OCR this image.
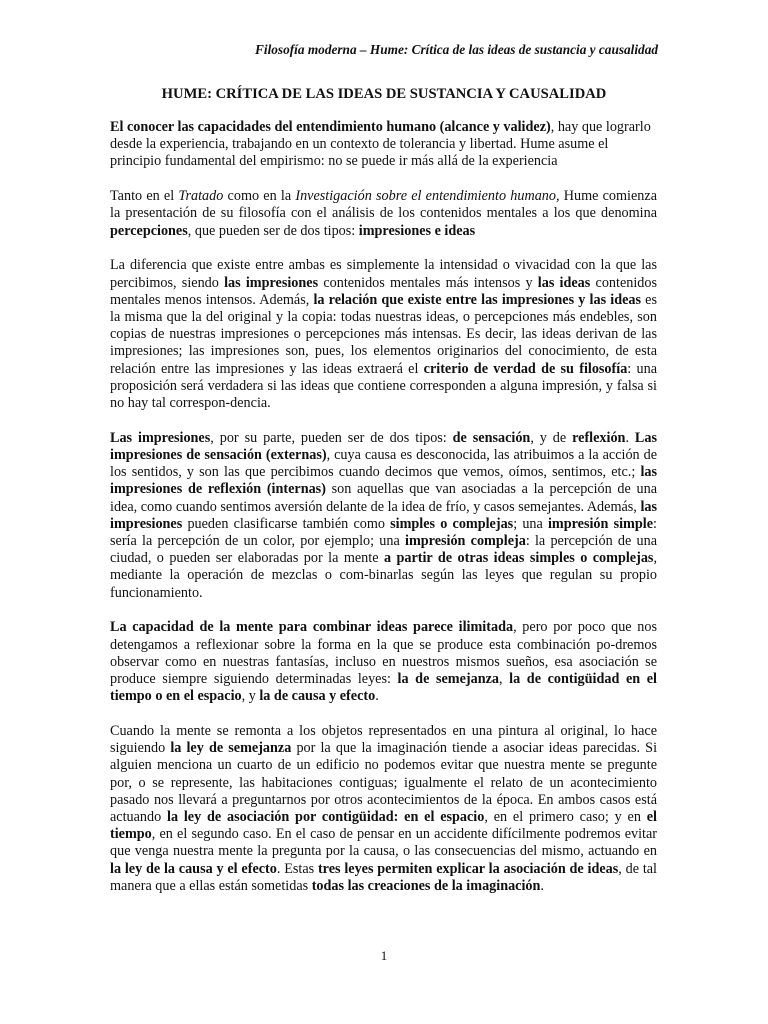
Filosofía moderna – Hume: Crítica de las ideas de sustancia y causalidad
HUME: CRÍTICA DE LAS IDEAS DE SUSTANCIA Y CAUSALIDAD

El conocer las capacidades del entendimiento humano (alcance y validez), hay que lograrlo desde la experiencia, trabajando en un contexto de tolerancia y libertad. Hume asume el principio fundamental del empirismo: no se puede ir más allá de la experiencia

Tanto en el Tratado como en la Investigación sobre el entendimiento humano, Hume comienza la presentación de su filosofía con el análisis de los contenidos mentales a los que denomina percepciones, que pueden ser de dos tipos: impresiones e ideas

La diferencia que existe entre ambas es simplemente la intensidad o vivacidad con la que las percibimos, siendo las impresiones contenidos mentales más intensos y las ideas contenidos mentales menos intensos. Además, la relación que existe entre las impresiones y las ideas es la misma que la del original y la copia: todas nuestras ideas, o percepciones más endebles, son copias de nuestras impresiones o percepciones más intensas. Es decir, las ideas derivan de las impresiones; las impresiones son, pues, los elementos originarios del conocimiento, de esta relación entre las impresiones y las ideas extraerá el criterio de verdad de su filosofía: una proposición será verdadera si las ideas que contiene corresponden a alguna impresión, y falsa si no hay tal correspon-dencia.

Las impresiones, por su parte, pueden ser de dos tipos: de sensación, y de reflexión. Las impresiones de sensación (externas), cuya causa es desconocida, las atribuimos a la acción de los sentidos, y son las que percibimos cuando decimos que vemos, oímos, sentimos, etc.; las impresiones de reflexión (internas) son aquellas que van asociadas a la percepción de una idea, como cuando sentimos aversión delante de la idea de frío, y casos semejantes. Además, las impresiones pueden clasificarse también como simples o complejas; una impresión simple: sería la percepción de un color, por ejemplo; una impresión compleja: la percepción de una ciudad, o pueden ser elaboradas por la mente a partir de otras ideas simples o complejas, mediante la operación de mezclas o com-binarlas según las leyes que regulan su propio funcionamiento.

La capacidad de la mente para combinar ideas parece ilimitada, pero por poco que nos detengamos a reflexionar sobre la forma en la que se produce esta combinación po-dremos observar como en nuestras fantasías, incluso en nuestros mismos sueños, esa asociación se produce siempre siguiendo determinadas leyes: la de semejanza, la de contigüidad en el tiempo o en el espacio, y la de causa y efecto.

Cuando la mente se remonta a los objetos representados en una pintura al original, lo hace siguiendo la ley de semejanza por la que la imaginación tiende a asociar ideas parecidas. Si alguien menciona un cuarto de un edificio no podemos evitar que nuestra mente se pregunte por, o se represente, las habitaciones contiguas; igualmente el relato de un acontecimiento pasado nos llevará a preguntarnos por otros acontecimientos de la época. En ambos casos está actuando la ley de asociación por contigüidad: en el espacio, en el primero caso; y en el tiempo, en el segundo caso. En el caso de pensar en un accidente difícilmente podremos evitar que venga nuestra mente la pregunta por la causa, o las consecuencias del mismo, actuando en la ley de la causa y el efecto. Estas tres leyes permiten explicar la asociación de ideas, de tal manera que a ellas están sometidas todas las creaciones de la imaginación.

1
